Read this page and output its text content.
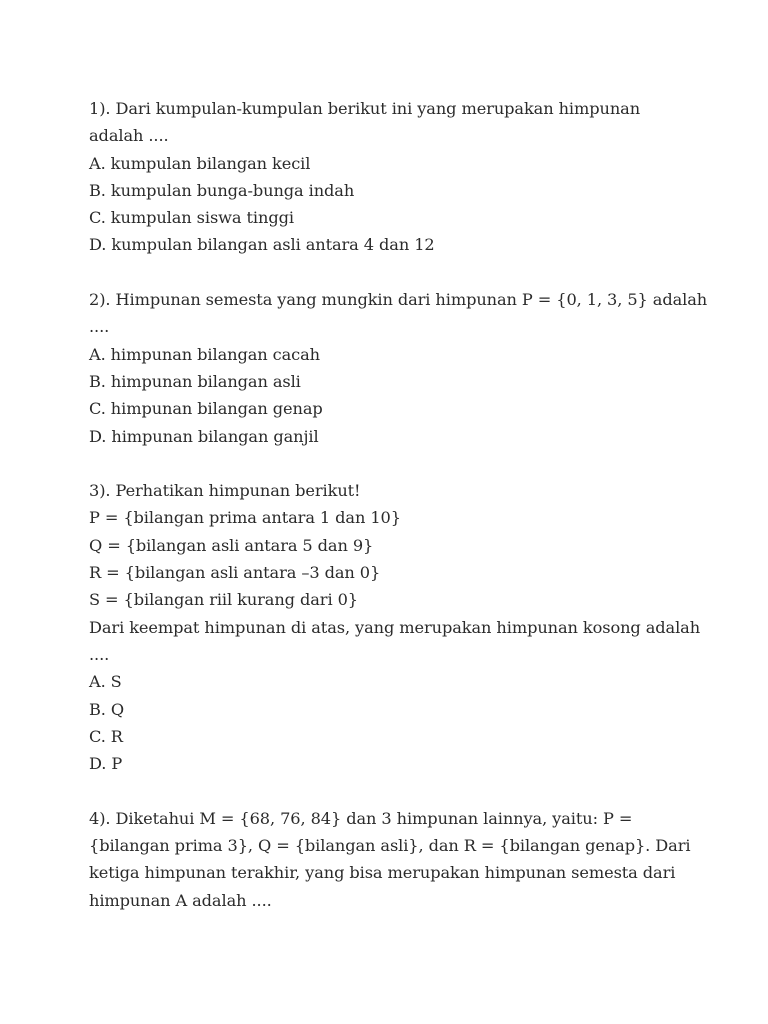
1). Dari kumpulan-kumpulan berikut ini yang merupakan himpunan
adalah ....
A. kumpulan bilangan kecil
B. kumpulan bunga-bunga indah
C. kumpulan siswa tinggi
D. kumpulan bilangan asli antara 4 dan 12
2). Himpunan semesta yang mungkin dari himpunan P = {0, 1, 3, 5} adalah
....
A. himpunan bilangan cacah
B. himpunan bilangan asli
C. himpunan bilangan genap
D. himpunan bilangan ganjil
3). Perhatikan himpunan berikut!
P = {bilangan prima antara 1 dan 10}
Q = {bilangan asli antara 5 dan 9}
R = {bilangan asli antara –3 dan 0}
S = {bilangan riil kurang dari 0}
Dari keempat himpunan di atas, yang merupakan himpunan kosong adalah
....
A. S
B. Q
C. R
D. P
4). Diketahui M = {68, 76, 84} dan 3 himpunan lainnya, yaitu: P =
{bilangan prima 3}, Q = {bilangan asli}, dan R = {bilangan genap}. Dari
ketiga himpunan terakhir, yang bisa merupakan himpunan semesta dari
himpunan A adalah ....
